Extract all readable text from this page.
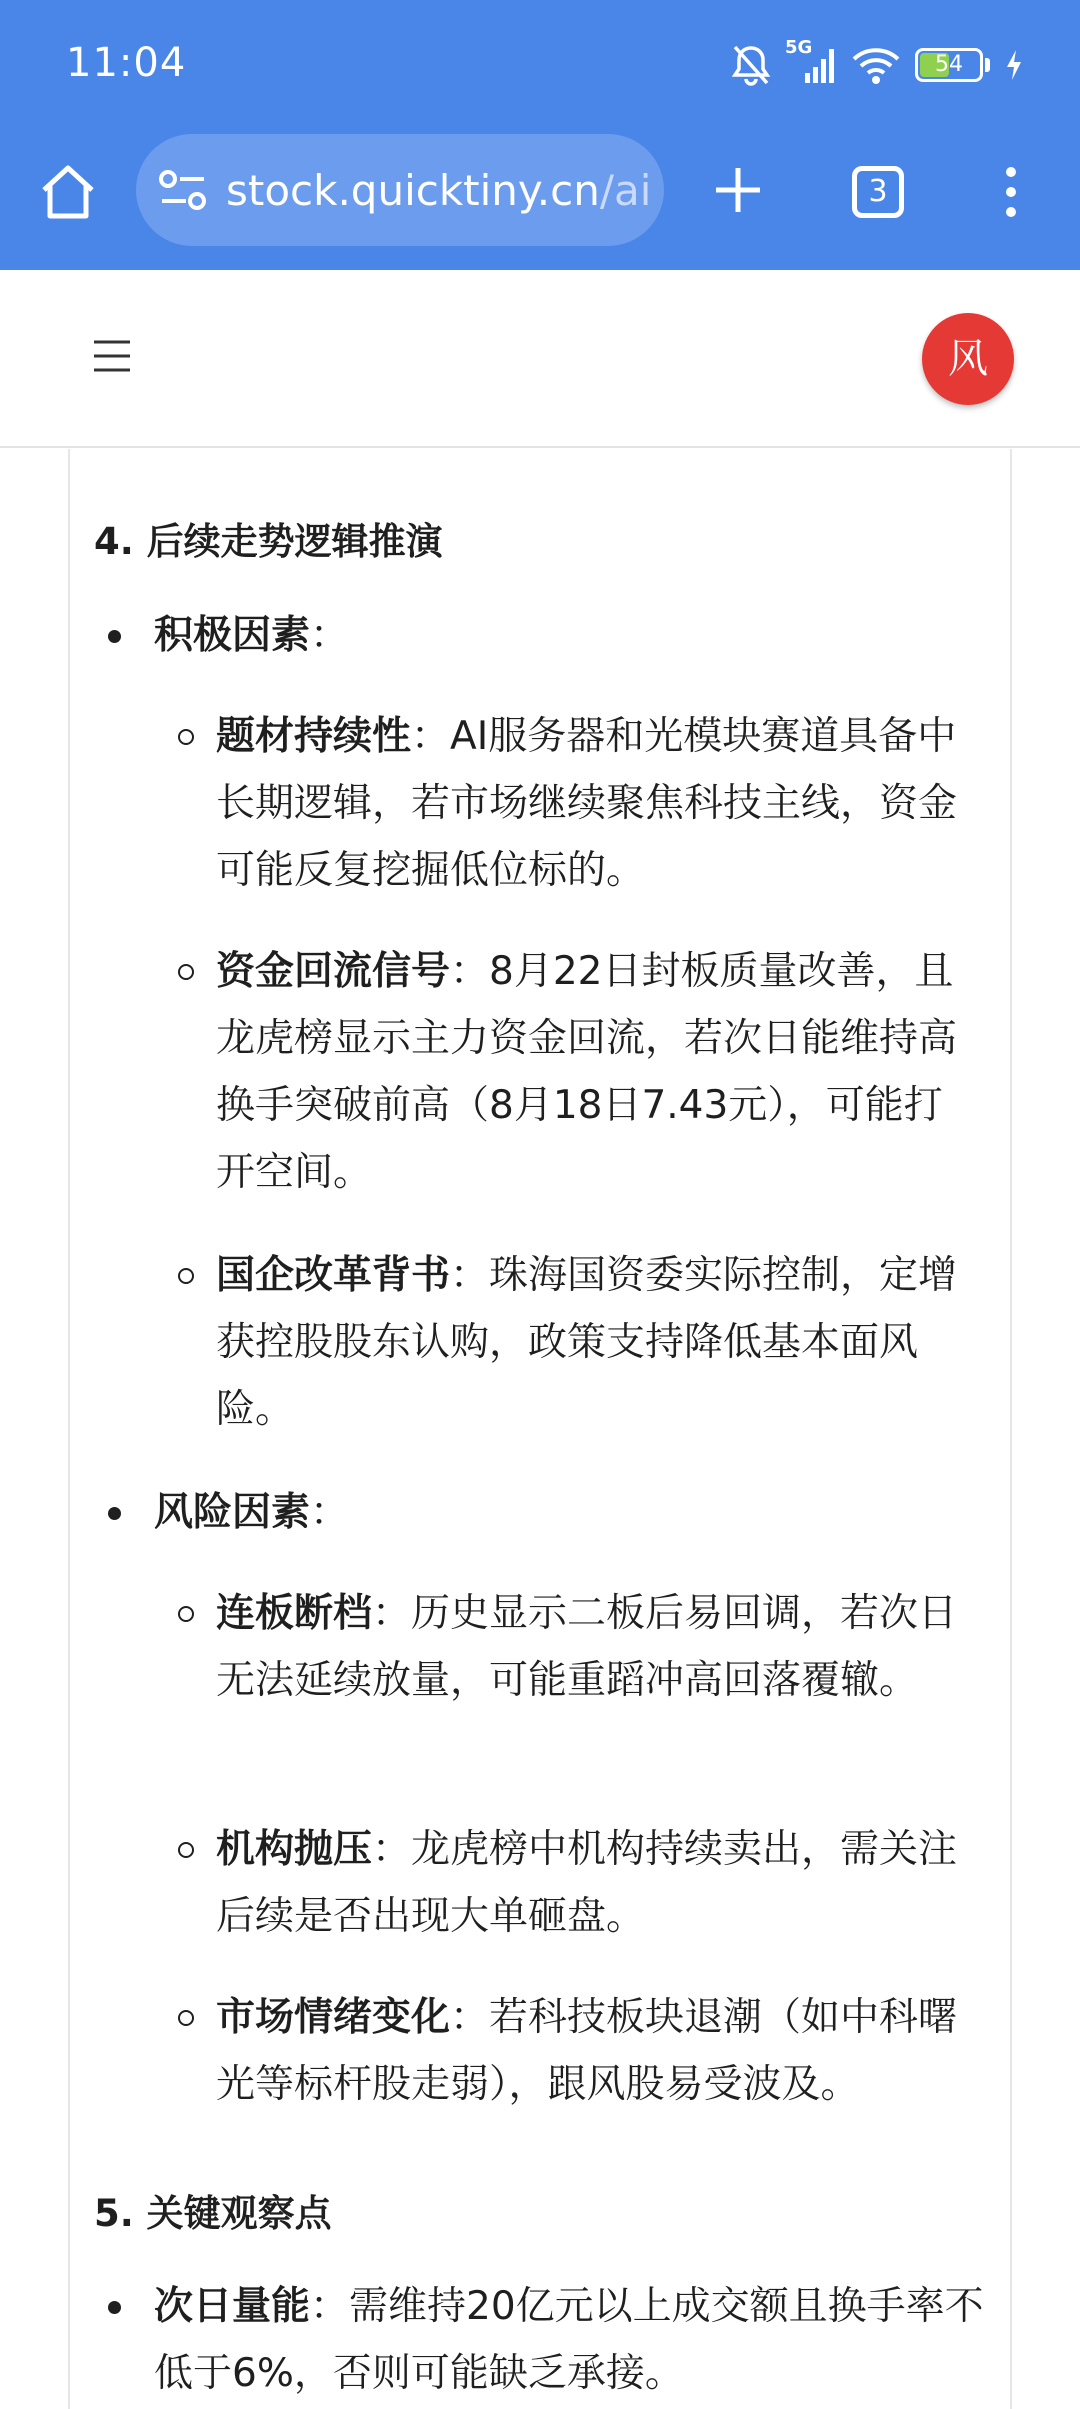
11:04	5G
54
stock.quicktiny.cn/ai	3
风
4. 后续走势逻辑推演
积极因素：
题材持续性：AI服务器和光模块赛道具备中长期逻辑，若市场继续聚焦科技主线，资金可能反复挖掘低位标的。
资金回流信号：8月22日封板质量改善，且龙虎榜显示主力资金回流，若次日能维持高换手突破前高（8月18日7.43元），可能打开空间。
国企改革背书：珠海国资委实际控制，定增获控股股东认购，政策支持降低基本面风险。
风险因素：
连板断档：历史显示二板后易回调，若次日无法延续放量，可能重蹈冲高回落覆辙。
机构抛压：龙虎榜中机构持续卖出，需关注后续是否出现大单砸盘。
市场情绪变化：若科技板块退潮（如中科曙光等标杆股走弱），跟风股易受波及。
5. 关键观察点
次日量能：需维持20亿元以上成交额且换手率不低于6%，否则可能缺乏承接。
